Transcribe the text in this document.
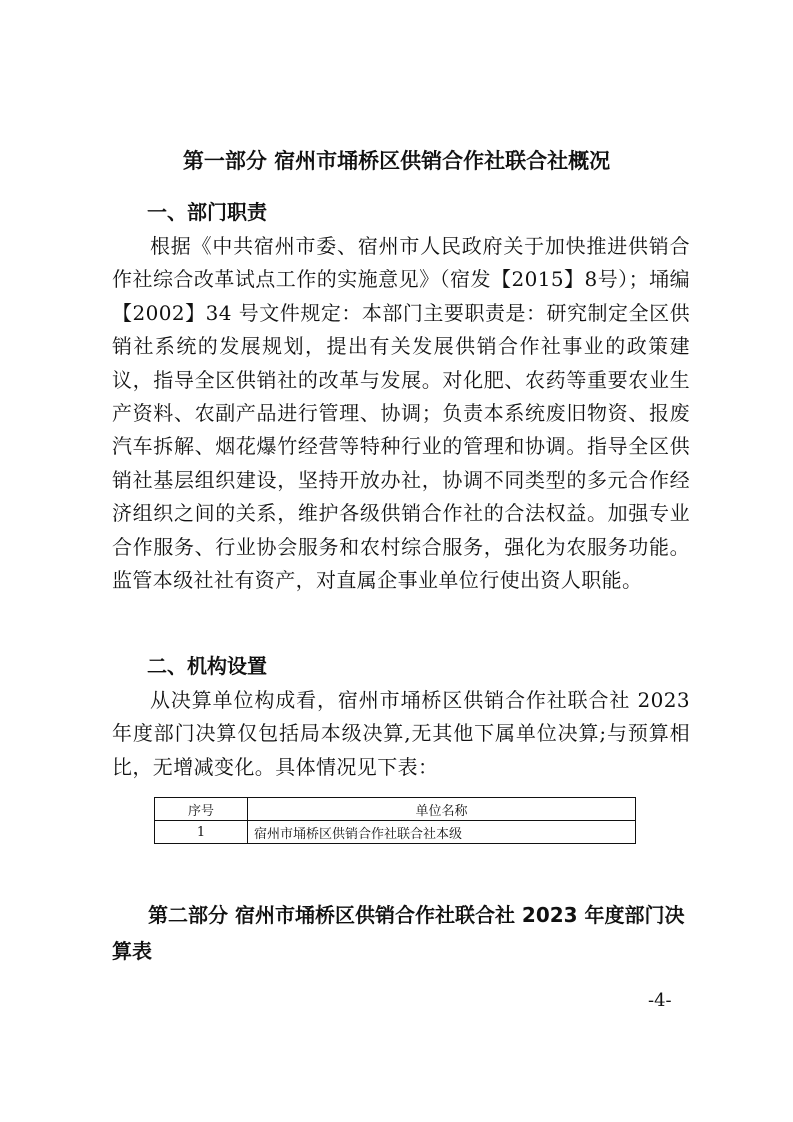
第一部分 宿州市埇桥区供销合作社联合社概况
一、部门职责

根据《中共宿州市委、宿州市人民政府关于加快推进供销合作社综合改革试点工作的实施意见》（宿发【2015】8号）；埇编【2002】34 号文件规定：本部门主要职责是：研究制定全区供销社系统的发展规划，提出有关发展供销合作社事业的政策建议，指导全区供销社的改革与发展。对化肥、农药等重要农业生产资料、农副产品进行管理、协调；负责本系统废旧物资、报废汽车拆解、烟花爆竹经营等特种行业的管理和协调。指导全区供销社基层组织建设，坚持开放办社，协调不同类型的多元合作经济组织之间的关系，维护各级供销合作社的合法权益。加强专业合作服务、行业协会服务和农村综合服务，强化为农服务功能。监管本级社社有资产，对直属企事业单位行使出资人职能。

二、机构设置

从决算单位构成看，宿州市埇桥区供销合作社联合社 2023 年度部门决算仅包括局本级决算,无其他下属单位决算;与预算相比，无增减变化。具体情况见下表：

序号	单位名称
1	宿州市埇桥区供销合作社联合社本级
第二部分 宿州市埇桥区供销合作社联合社 2023 年度部门决算表
-4-
